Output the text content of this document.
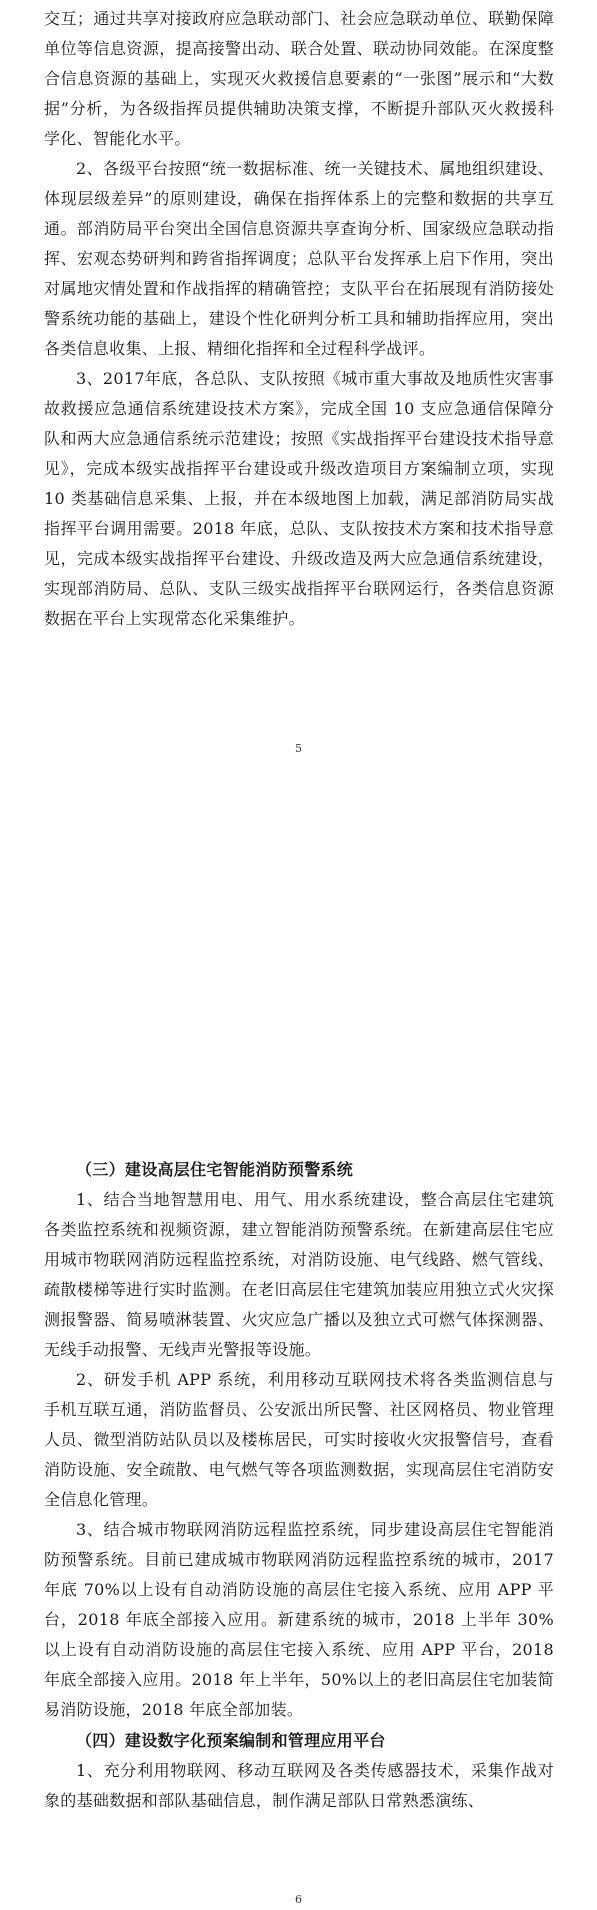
交互；通过共享对接政府应急联动部门、社会应急联动单位、联勤保障单位等信息资源，提高接警出动、联合处置、联动协同效能。在深度整合信息资源的基础上，实现灭火救援信息要素的“一张图”展示和“大数据”分析，为各级指挥员提供辅助决策支撑，不断提升部队灭火救援科学化、智能化水平。

2、各级平台按照“统一数据标准、统一关键技术、属地组织建设、体现层级差异”的原则建设，确保在指挥体系上的完整和数据的共享互通。部消防局平台突出全国信息资源共享查询分析、国家级应急联动指挥、宏观态势研判和跨省指挥调度；总队平台发挥承上启下作用，突出对属地灾情处置和作战指挥的精确管控；支队平台在拓展现有消防接处警系统功能的基础上，建设个性化研判分析工具和辅助指挥应用，突出各类信息收集、上报、精细化指挥和全过程科学战评。

3、2017年底，各总队、支队按照《城市重大事故及地质性灾害事故救援应急通信系统建设技术方案》，完成全国 10 支应急通信保障分队和两大应急通信系统示范建设；按照《实战指挥平台建设技术指导意见》，完成本级实战指挥平台建设或升级改造项目方案编制立项，实现 10 类基础信息采集、上报，并在本级地图上加载，满足部消防局实战指挥平台调用需要。2018 年底，总队、支队按技术方案和技术指导意见，完成本级实战指挥平台建设、升级改造及两大应急通信系统建设，实现部消防局、总队、支队三级实战指挥平台联网运行，各类信息资源数据在平台上实现常态化采集维护。

5
（三）建设高层住宅智能消防预警系统

1、结合当地智慧用电、用气、用水系统建设，整合高层住宅建筑各类监控系统和视频资源，建立智能消防预警系统。在新建高层住宅应用城市物联网消防远程监控系统，对消防设施、电气线路、燃气管线、疏散楼梯等进行实时监测。在老旧高层住宅建筑加装应用独立式火灾探测报警器、简易喷淋装置、火灾应急广播以及独立式可燃气体探测器、无线手动报警、无线声光警报等设施。

2、研发手机 APP 系统，利用移动互联网技术将各类监测信息与手机互联互通，消防监督员、公安派出所民警、社区网格员、物业管理人员、微型消防站队员以及楼栋居民，可实时接收火灾报警信号，查看消防设施、安全疏散、电气燃气等各项监测数据，实现高层住宅消防安全信息化管理。

3、结合城市物联网消防远程监控系统，同步建设高层住宅智能消防预警系统。目前已建成城市物联网消防远程监控系统的城市，2017 年底 70%以上设有自动消防设施的高层住宅接入系统、应用 APP 平台，2018 年底全部接入应用。新建系统的城市，2018 上半年 30%以上设有自动消防设施的高层住宅接入系统、应用 APP 平台，2018 年底全部接入应用。2018 年上半年，50%以上的老旧高层住宅加装简易消防设施，2018 年底全部加装。

（四）建设数字化预案编制和管理应用平台

1、充分利用物联网、移动互联网及各类传感器技术，采集作战对象的基础数据和部队基础信息，制作满足部队日常熟悉演练、

6
